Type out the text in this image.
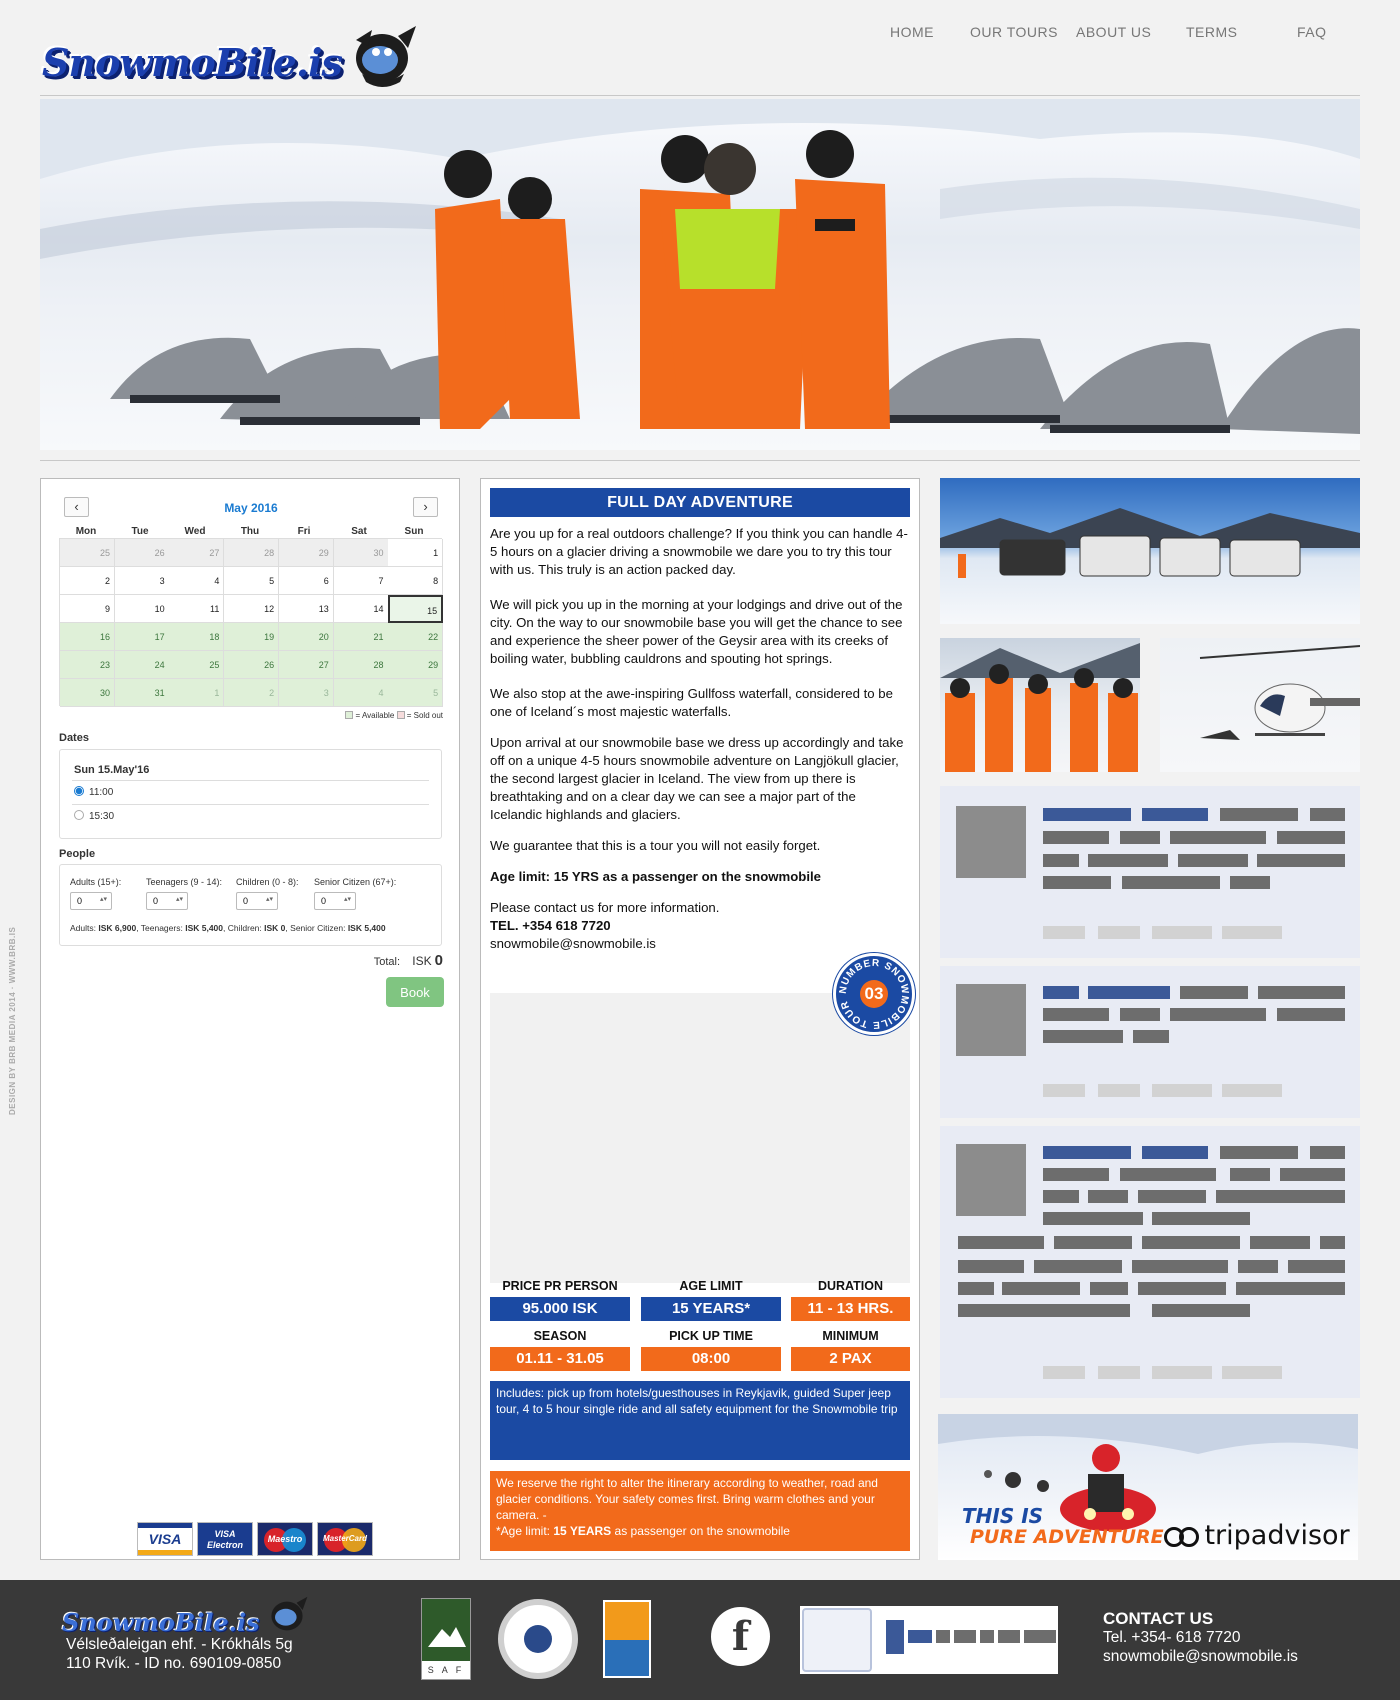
SnowmoBile.is
HOME	OUR TOURS ABOUT US TERMS	FAQ
DESIGN BY BRB MEDIA 2014 · WWW.BRB.IS
‹	May 2016	›
Mon	Tue	Wed	Thu	Fri	Sat	Sun
25	26	27	28	29	30	1
2	3	4	5	6	7	8
9	10	11	12	13	14	15
16	17	18	19	20	21	22
23	24	25	26	27	28	29
30	31	1	2	3	4	5
= Available = Sold out
Dates
Sun 15.May'16
11:00
15:30
People
Adults (15+):	Teenagers (9 - 14): Children (0 - 8): Senior Citizen (67+):
0	▴▾	0	▴▾	0	▴▾	0	▴▾
Adults: ISK 6,900, Teenagers: ISK 5,400, Children: ISK 0, Senior Citizen: ISK 5,400
Total: ISK 0
Book
VISA	VISA Electron
Maestro	MasterCard
FULL DAY ADVENTURE

Are you up for a real outdoors challenge? If you think you can handle 4-5 hours on a glacier driving a snowmobile we dare you to try this tour with us. This truly is an action packed day.

We will pick you up in the morning at your lodgings and drive out of the city. On the way to our snowmobile base you will get the chance to see and experience the sheer power of the Geysir area with its creeks of boiling water, bubbling cauldrons and spouting hot springs.

We also stop at the awe-inspiring Gullfoss waterfall, considered to be one of Iceland´s most majestic waterfalls.

Upon arrival at our snowmobile base we dress up accordingly and take off on a unique 4-5 hours snowmobile adventure on Langjökull glacier, the second largest glacier in Iceland. The view from up there is breathtaking and on a clear day we can see a major part of the Icelandic highlands and glaciers.

We guarantee that this is a tour you will not easily forget.

Age limit: 15 YRS as a passenger on the snowmobile

Please contact us for more information.
TEL. +354 618 7720
snowmobile@snowmobile.is
NUMBER SNOWMOBILE TOUR
03
PRICE PR PERSON
95.000 ISK
AGE LIMIT
15 YEARS*
DURATION
11 - 13 HRS.
SEASON
01.11 - 31.05
PICK UP TIME
08:00
MINIMUM
2 PAX
Includes: pick up from hotels/guesthouses in Reykjavik, guided Super jeep tour, 4 to 5 hour single ride and all safety equipment for the Snowmobile trip
We reserve the right to alter the itinerary according to weather, road and glacier conditions. Your safety comes first. Bring warm clothes and your camera. -
*Age limit: 15 YEARS as passenger on the snowmobile
THIS IS
PURE ADVENTURE	tripadvisor
SnowmoBile.is
Vélsleðaleigan ehf. - Krókháls 5g
110 Rvík. - ID no. 690109-0850	S A F
f	CONTACT US
Tel. +354- 618 7720
snowmobile@snowmobile.is
